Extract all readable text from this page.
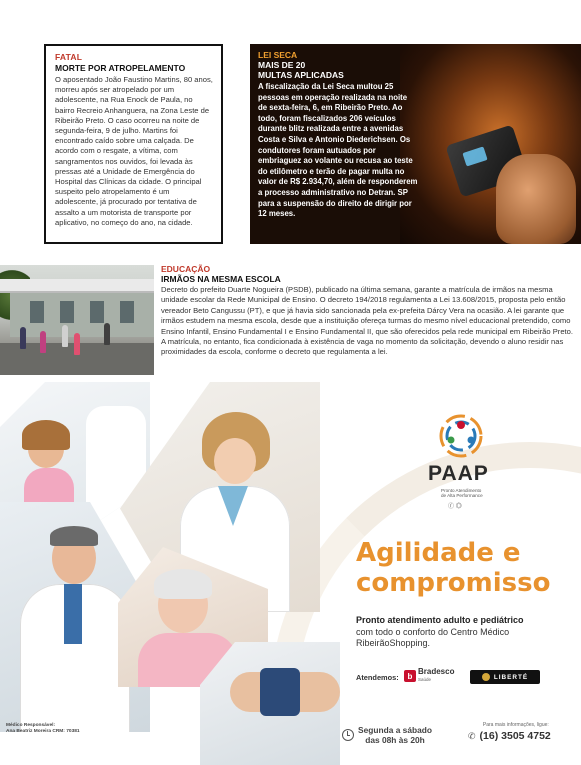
FATAL
MORTE POR ATROPELAMENTO
O aposentado João Faustino Martins, 80 anos, morreu após ser atropelado por um adolescente, na Rua Enock de Paula, no bairro Recreio Anhanguera, na Zona Leste de Ribeirão Preto. O caso ocorreu na noite de segunda-feira, 9 de julho. Martins foi encontrado caído sobre uma calçada. De acordo com o resgate, a vítima, com sangramentos nos ouvidos, foi levada às pressas até a Unidade de Emergência do Hospital das Clínicas da cidade. O principal suspeito pelo atropelamento é um adolescente, já procurado por tentativa de assalto a um motorista de transporte por aplicativo, no começo do ano, na cidade.
LEI SECA
MAIS DE 20
MULTAS APLICADAS
A fiscalização da Lei Seca multou 25 pessoas em operação realizada na noite de sexta-feira, 6, em Ribeirão Preto. Ao todo, foram fiscalizados 206 veículos durante blitz realizada entre a avenidas Costa e Silva e Antonio Diederichsen. Os condutores foram autuados por embriaguez ao volante ou recusa ao teste do etilômetro e terão de pagar multa no valor de R$ 2.934,70, além de responderem a processo administrativo no Detran. SP para a suspensão do direito de dirigir por 12 meses.
EDUCAÇÃO
IRMÃOS NA MESMA ESCOLA
Decreto do prefeito Duarte Nogueira (PSDB), publicado na última semana, garante a matrícula de irmãos na mesma unidade escolar da Rede Municipal de Ensino. O decreto 194/2018 regulamenta a Lei 13.608/2015, proposta pelo então vereador Beto Cangussu (PT), e que já havia sido sancionada pela ex-prefeita Dárcy Vera na ocasião. A lei garante que irmãos estudem na mesma escola, desde que a instituição ofereça turmas do mesmo nível educacional pretendido, como Ensino Infantil, Ensino Fundamental I e Ensino Fundamental II, que são oferecidos pela rede municipal em Ribeirão Preto. A matrícula, no entanto, fica condicionada à existência de vaga no momento da solicitação, devendo o aluno residir nas proximidades da escola, conforme o decreto que regulamenta a lei.
PAAP
Pronto Atendimento
de Alta Performance
ⓕ ◎
Agilidade e
compromisso
Pronto atendimento adulto e pediátrico
com todo o conforto do Centro Médico
RibeirãoShopping.
Atendemos:	b Bradesco
Saúde	LIBERTÉ
Segunda a sábado
das 08h às 20h
Para mais informações, ligue:
✆ (16) 3505 4752
Médico Responsável:
Ana Beatriz Moreira CRM: 70381
